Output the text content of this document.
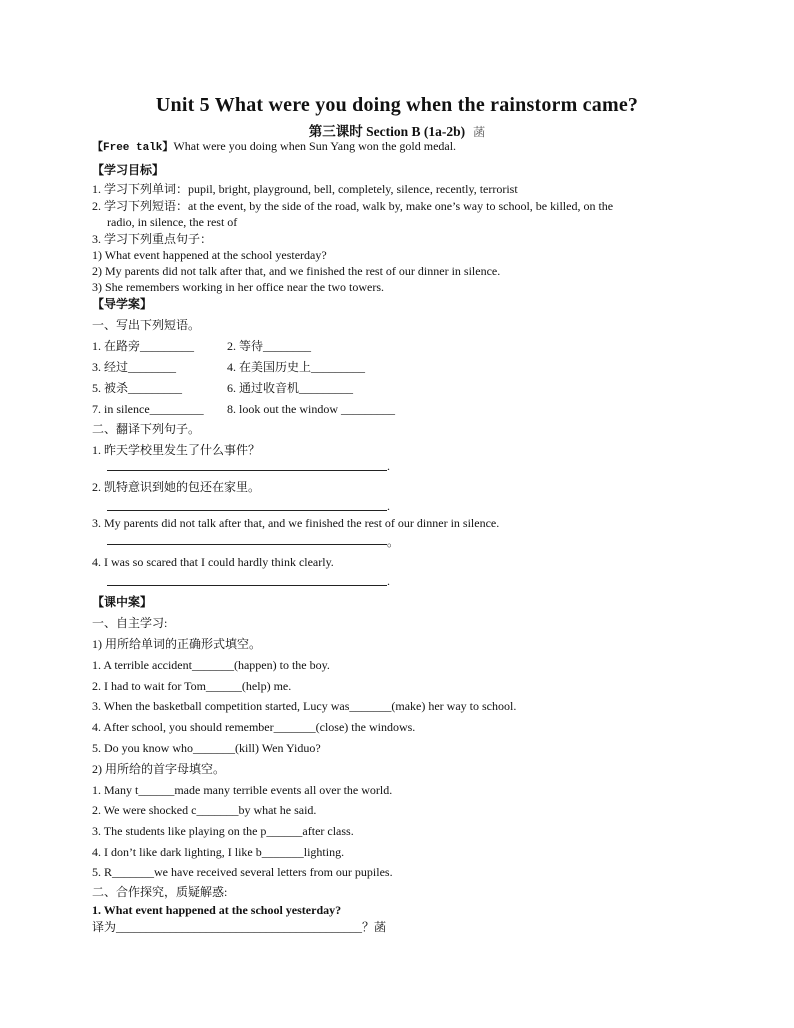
Unit 5 What were you doing when the rainstorm came?
第三课时 Section B (1a-2b) 菡
【Free talk】What were you doing when Sun Yang won the gold medal.
【学习目标】
1. 学习下列单词：pupil, bright, playground, bell, completely, silence, recently, terrorist
2. 学习下列短语：at the event, by the side of the road, walk by, make one’s way to school, be killed, on the
radio, in silence, the rest of
3. 学习下列重点句子：
1) What event happened at the school yesterday?
2) My parents did not talk after that, and we finished the rest of our dinner in silence.
3) She remembers working in her office near the two towers.
【导学案】
一、写出下列短语。
1. 在路旁_________	2. 等待________
3. 经过________	4. 在美国历史上_________
5. 被杀_________	6. 通过收音机_________
7. in silence_________ 8. look out the window _________
二、翻译下列句子。
1. 昨天学校里发生了什么事件？
.
2. 凯特意识到她的包还在家里。
.
3. My parents did not talk after that, and we finished the rest of our dinner in silence.
。
4. I was so scared that I could hardly think clearly.
.
【课中案】
一、自主学习:
1) 用所给单词的正确形式填空。
1. A terrible accident_______(happen) to the boy.
2. I had to wait for Tom______(help) me.
3. When the basketball competition started, Lucy was_______(make) her way to school.
4. After school, you should remember_______(close) the windows.
5. Do you know who_______(kill) Wen Yiduo?
2) 用所给的首字母填空。
1. Many t______made many terrible events all over the world.
2. We were shocked c_______by what he said.
3. The students like playing on the p______after class.
4. I don’t like dark lighting, I like b_______lighting.
5. R_______we have received several letters from our pupiles.
二、合作探究，质疑解惑:
1. What event happened at the school yesterday?
译为_________________________________________？菡
